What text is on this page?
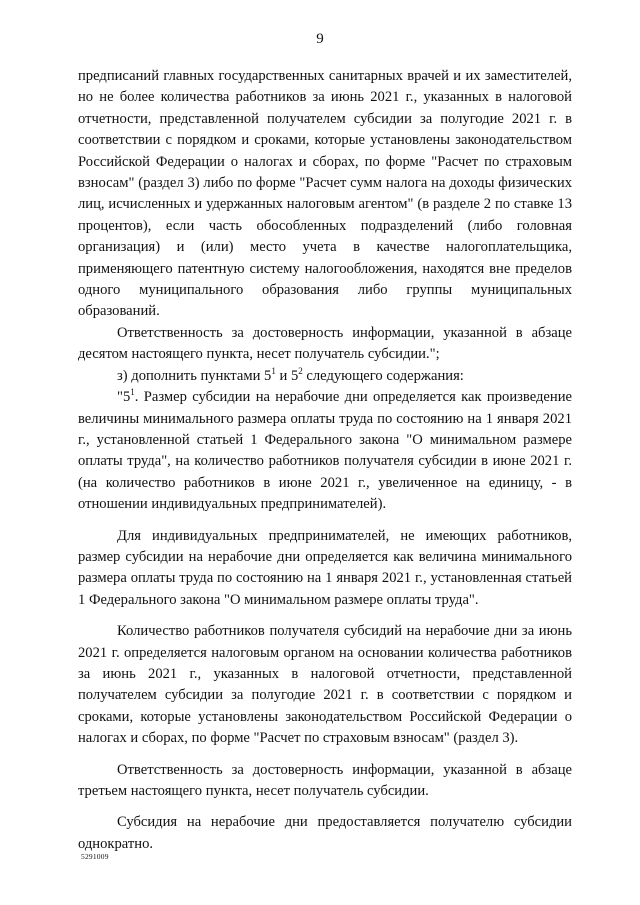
9

предписаний главных государственных санитарных врачей и их заместителей, но не более количества работников за июнь 2021 г., указанных в налоговой отчетности, представленной получателем субсидии за полугодие 2021 г. в соответствии с порядком и сроками, которые установлены законодательством Российской Федерации о налогах и сборах, по форме "Расчет по страховым взносам" (раздел 3) либо по форме "Расчет сумм налога на доходы физических лиц, исчисленных и удержанных налоговым агентом" (в разделе 2 по ставке 13 процентов), если часть обособленных подразделений (либо головная организация) и (или) место учета в качестве налогоплательщика, применяющего патентную систему налогообложения, находятся вне пределов одного муниципального образования либо группы муниципальных образований.

Ответственность за достоверность информации, указанной в абзаце десятом настоящего пункта, несет получатель субсидии.";

з) дополнить пунктами $5^1$ и $5^2$ следующего содержания:

"$5^1$. Размер субсидии на нерабочие дни определяется как произведение величины минимального размера оплаты труда по состоянию на 1 января 2021 г., установленной статьей 1 Федерального закона "О минимальном размере оплаты труда", на количество работников получателя субсидии в июне 2021 г. (на количество работников в июне 2021 г., увеличенное на единицу, - в отношении индивидуальных предпринимателей).

Для индивидуальных предпринимателей, не имеющих работников, размер субсидии на нерабочие дни определяется как величина минимального размера оплаты труда по состоянию на 1 января 2021 г., установленная статьей 1 Федерального закона "О минимальном размере оплаты труда".

Количество работников получателя субсидий на нерабочие дни за июнь 2021 г. определяется налоговым органом на основании количества работников за июнь 2021 г., указанных в налоговой отчетности, представленной получателем субсидии за полугодие 2021 г. в соответствии с порядком и сроками, которые установлены законодательством Российской Федерации о налогах и сборах, по форме "Расчет по страховым взносам" (раздел 3).

Ответственность за достоверность информации, указанной в абзаце третьем настоящего пункта, несет получатель субсидии.

Субсидия на нерабочие дни предоставляется получателю субсидии однократно.

5291009
